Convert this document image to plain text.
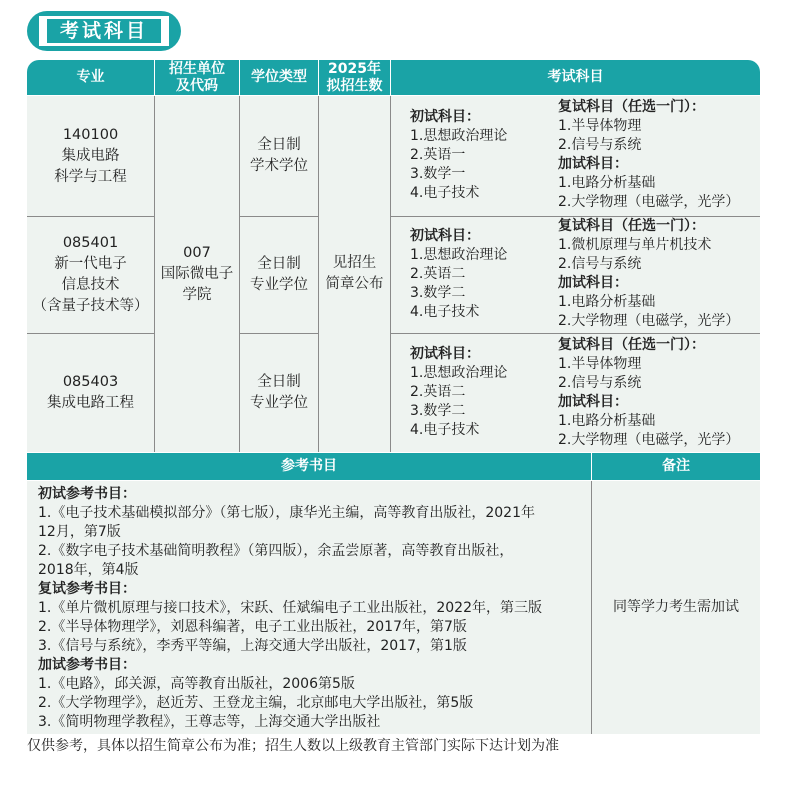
考试科目
专业
招生单位
及代码
学位类型
2025年
拟招生数
考试科目
140100
集成电路
科学与工程
085401
新一代电子
信息技术
（含量子技术等）
085403
集成电路工程
007
国际微电子
学院
全日制
学术学位
全日制
专业学位
全日制
专业学位
见招生
简章公布
初试科目：
1.思想政治理论
2.英语一
3.数学一
4.电子技术
复试科目（任选一门）：
1.半导体物理
2.信号与系统
加试科目：
1.电路分析基础
2.大学物理（电磁学，光学）
初试科目：
1.思想政治理论
2.英语二
3.数学二
4.电子技术
复试科目（任选一门）：
1.微机原理与单片机技术
2.信号与系统
加试科目：
1.电路分析基础
2.大学物理（电磁学，光学）
初试科目：
1.思想政治理论
2.英语二
3.数学二
4.电子技术
复试科目（任选一门）：
1.半导体物理
2.信号与系统
加试科目：
1.电路分析基础
2.大学物理（电磁学，光学）
参考书目	备注
同等学力考生需加试
初试参考书目：
1.《电子技术基础模拟部分》（第七版），康华光主编，高等教育出版社，2021年
12月，第7版
2.《数字电子技术基础简明教程》（第四版），余孟尝原著，高等教育出版社，
2018年，第4版
复试参考书目：
1.《单片微机原理与接口技术》，宋跃、任斌编电子工业出版社，2022年，第三版
2.《半导体物理学》，刘恩科编著，电子工业出版社，2017年，第7版
3.《信号与系统》，李秀平等编，上海交通大学出版社，2017，第1版
加试参考书目：
1.《电路》，邱关源，高等教育出版社，2006第5版
2.《大学物理学》，赵近芳、王登龙主编，北京邮电大学出版社，第5版
3.《简明物理学教程》，王尊志等，上海交通大学出版社
仅供参考，具体以招生简章公布为准；招生人数以上级教育主管部门实际下达计划为准
